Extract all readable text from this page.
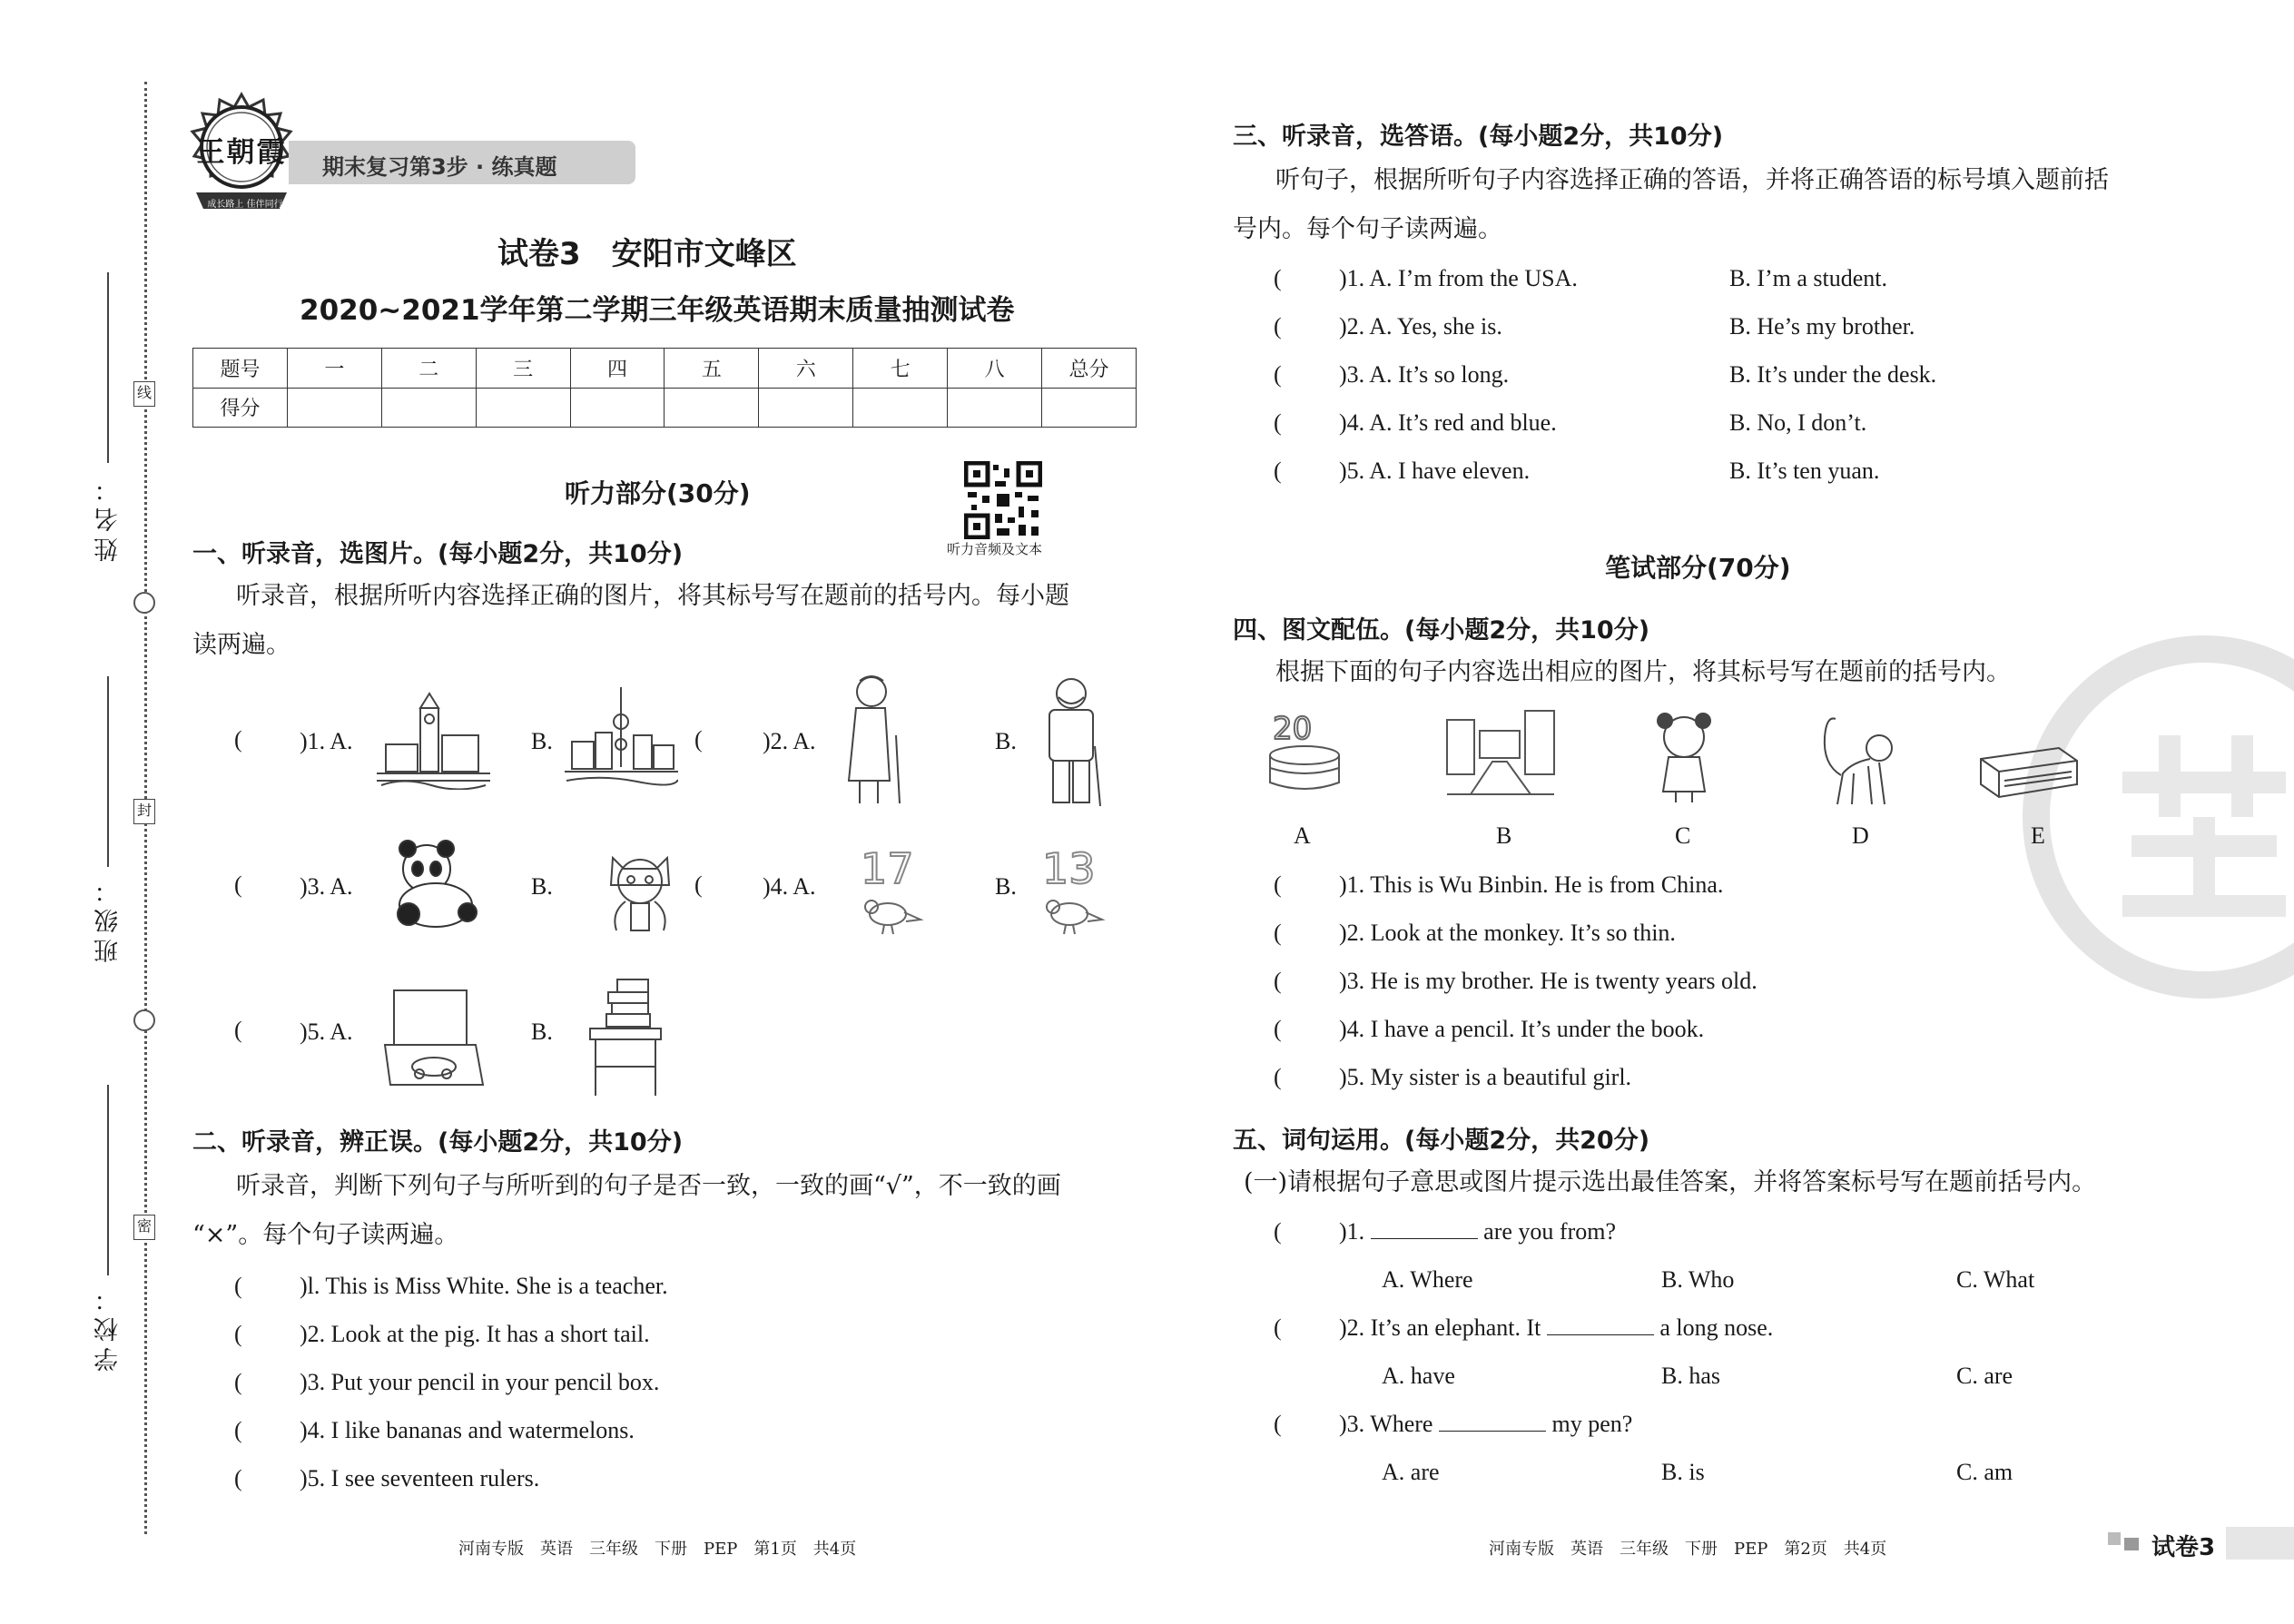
线
封
密
姓名：
班级：
学校：
王朝霞
成长路上 佳伴同行
期末复习第3步 · 练真题
试卷3　安阳市文峰区
2020~2021学年第二学期三年级英语期末质量抽测试卷
题号	一	二	三	四	五	六	七	八	总分
得分									
听力部分(30分)
听力音频及文本
一、听录音，选图片。(每小题2分，共10分)
听录音，根据所听内容选择正确的图片，将其标号写在题前的括号内。每小题
读两遍。
( )1. A.	B.	(	)2. A.	B.
( )3. A.	B.	(	)4. A. 17	B. 13
( )5. A.	B.
二、听录音，辨正误。(每小题2分，共10分)
听录音，判断下列句子与所听到的句子是否一致，一致的画“√”，不一致的画
“×”。每个句子读两遍。
( )l. This is Miss White. She is a teacher.
( )2. Look at the pig. It has a short tail.
( )3. Put your pencil in your pencil box.
( )4. I like bananas and watermelons.
( )5. I see seventeen rulers.
河南专版　英语　三年级　下册　PEP　第1页　共4页
三、听录音，选答语。(每小题2分，共10分)
听句子，根据所听句子内容选择正确的答语，并将正确答语的标号填入题前括
号内。每个句子读两遍。
( )1. A. I’m from the USA.	B. I’m a student.
( )2. A. Yes, she is.	B. He’s my brother.
( )3. A. It’s so long.	B. It’s under the desk.
( )4. A. It’s red and blue.	B. No, I don’t.
( )5. A. I have eleven.	B. It’s ten yuan.
笔试部分(70分)
四、图文配伍。(每小题2分，共10分)
根据下面的句子内容选出相应的图片，将其标号写在题前的括号内。
20
A	B	C	D	E
( )1. This is Wu Binbin. He is from China.
( )2. Look at the monkey. It’s so thin.
( )3. He is my brother. He is twenty years old.
( )4. I have a pencil. It’s under the book.
( )5. My sister is a beautiful girl.
五、词句运用。(每小题2分，共20分)
(一)请根据句子意思或图片提示选出最佳答案，并将答案标号写在题前括号内。
( )1.	are you from?
A. Where	B. Who	C. What
( )2. It’s an elephant. It	a long nose.
A. have	B. has	C. are
( )3. Where	my pen?
A. are	B. is	C. am
河南专版　英语　三年级　下册　PEP　第2页　共4页	试卷3
